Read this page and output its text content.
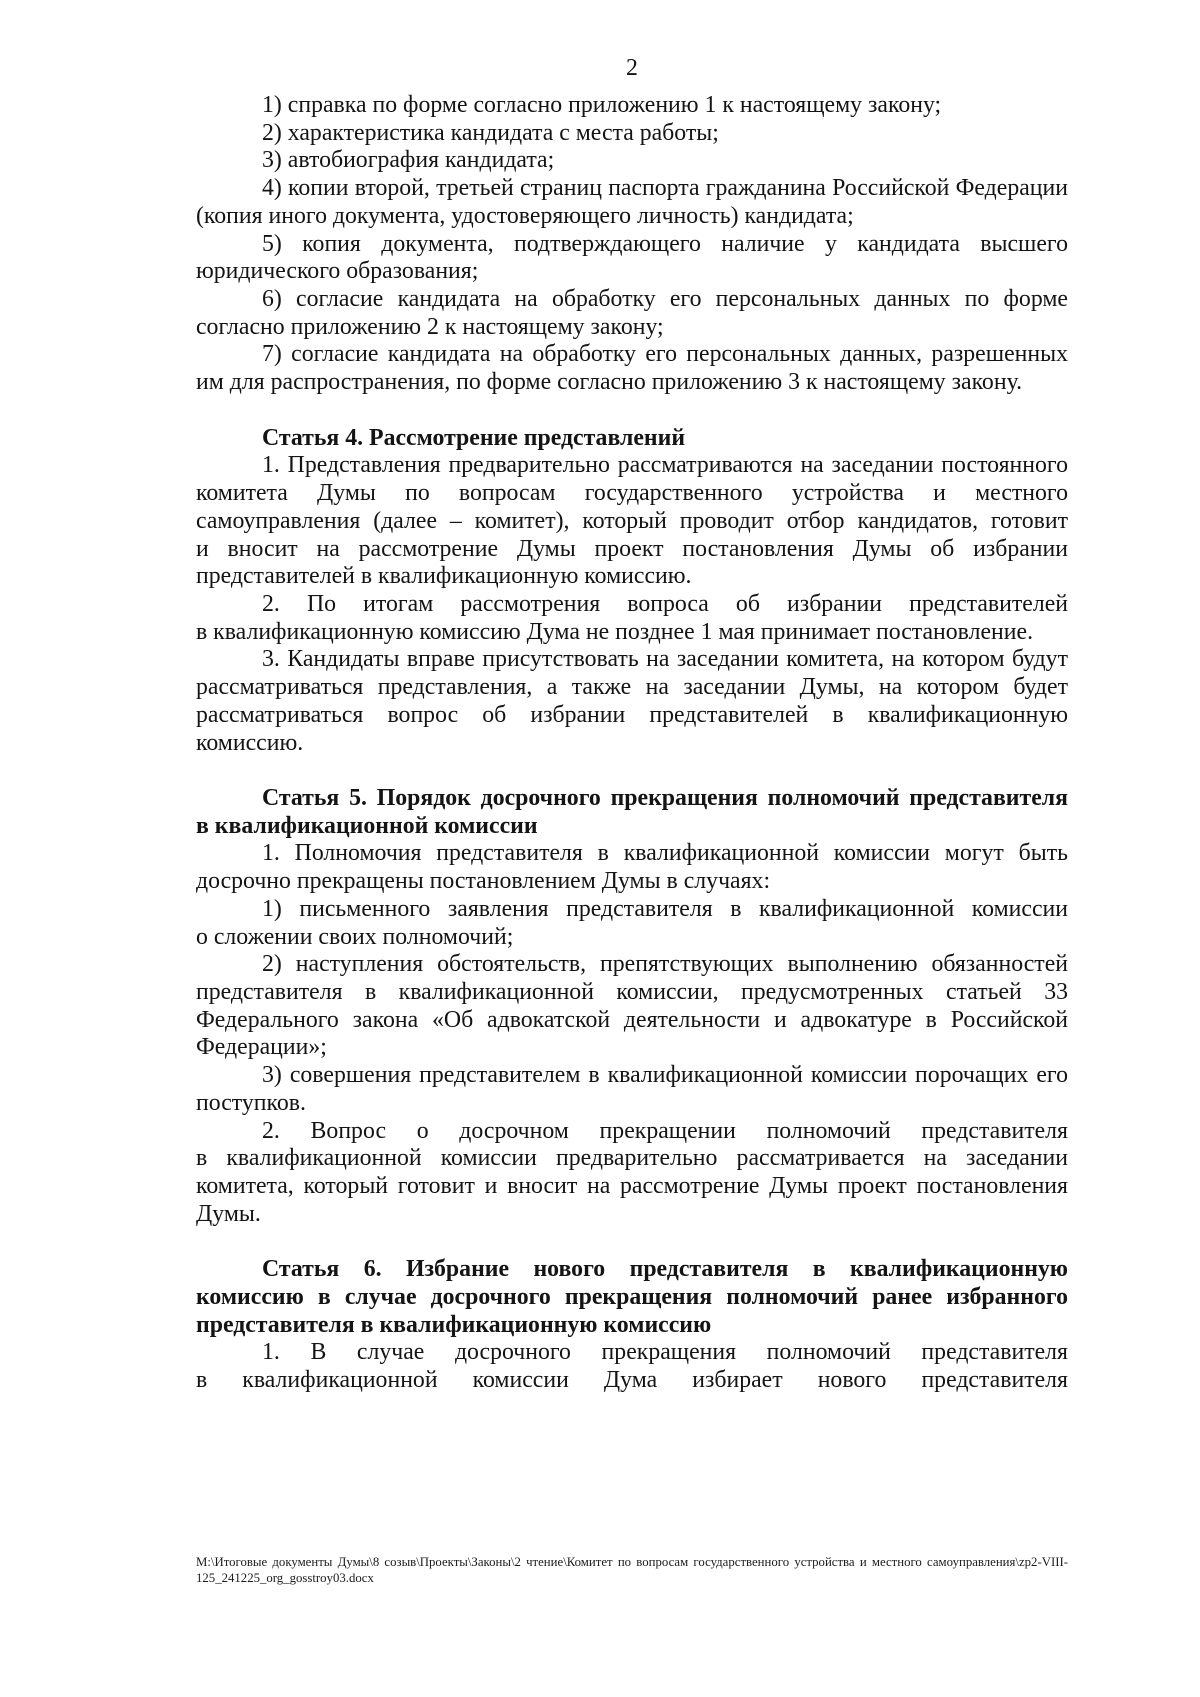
2
1) справка по форме согласно приложению 1 к настоящему закону;
2) характеристика кандидата с места работы;
3) автобиография кандидата;
4) копии второй, третьей страниц паспорта гражданина Российской Федерации
(копия иного документа, удостоверяющего личность) кандидата;
5) копия документа, подтверждающего наличие у кандидата высшего
юридического образования;
6) согласие кандидата на обработку его персональных данных по форме
согласно приложению 2 к настоящему закону;
7) согласие кандидата на обработку его персональных данных, разрешенных
им для распространения, по форме согласно приложению 3 к настоящему закону.
Статья 4. Рассмотрение представлений
1. Представления предварительно рассматриваются на заседании постоянного
комитета Думы по вопросам государственного устройства и местного
самоуправления (далее – комитет), который проводит отбор кандидатов, готовит
и вносит на рассмотрение Думы проект постановления Думы об избрании
представителей в квалификационную комиссию.
2. По итогам рассмотрения вопроса об избрании представителей
в квалификационную комиссию Дума не позднее 1 мая принимает постановление.
3. Кандидаты вправе присутствовать на заседании комитета, на котором будут
рассматриваться представления, а также на заседании Думы, на котором будет
рассматриваться вопрос об избрании представителей в квалификационную
комиссию.
Статья 5. Порядок досрочного прекращения полномочий представителя
в квалификационной комиссии
1. Полномочия представителя в квалификационной комиссии могут быть
досрочно прекращены постановлением Думы в случаях:
1) письменного заявления представителя в квалификационной комиссии
о сложении своих полномочий;
2) наступления обстоятельств, препятствующих выполнению обязанностей
представителя в квалификационной комиссии, предусмотренных статьей 33
Федерального закона «Об адвокатской деятельности и адвокатуре в Российской
Федерации»;
3) совершения представителем в квалификационной комиссии порочащих его
поступков.
2. Вопрос о досрочном прекращении полномочий представителя
в квалификационной комиссии предварительно рассматривается на заседании
комитета, который готовит и вносит на рассмотрение Думы проект постановления
Думы.
Статья 6. Избрание нового представителя в квалификационную
комиссию в случае досрочного прекращения полномочий ранее избранного
представителя в квалификационную комиссию
1. В случае досрочного прекращения полномочий представителя
в квалификационной комиссии Дума избирает нового представителя
M:\Итоговые документы Думы\8 созыв\Проекты\Законы\2 чтение\Комитет по вопросам государственного устройства и местного самоуправления\zp2-VIII-
125_241225_org_gosstroy03.docx
